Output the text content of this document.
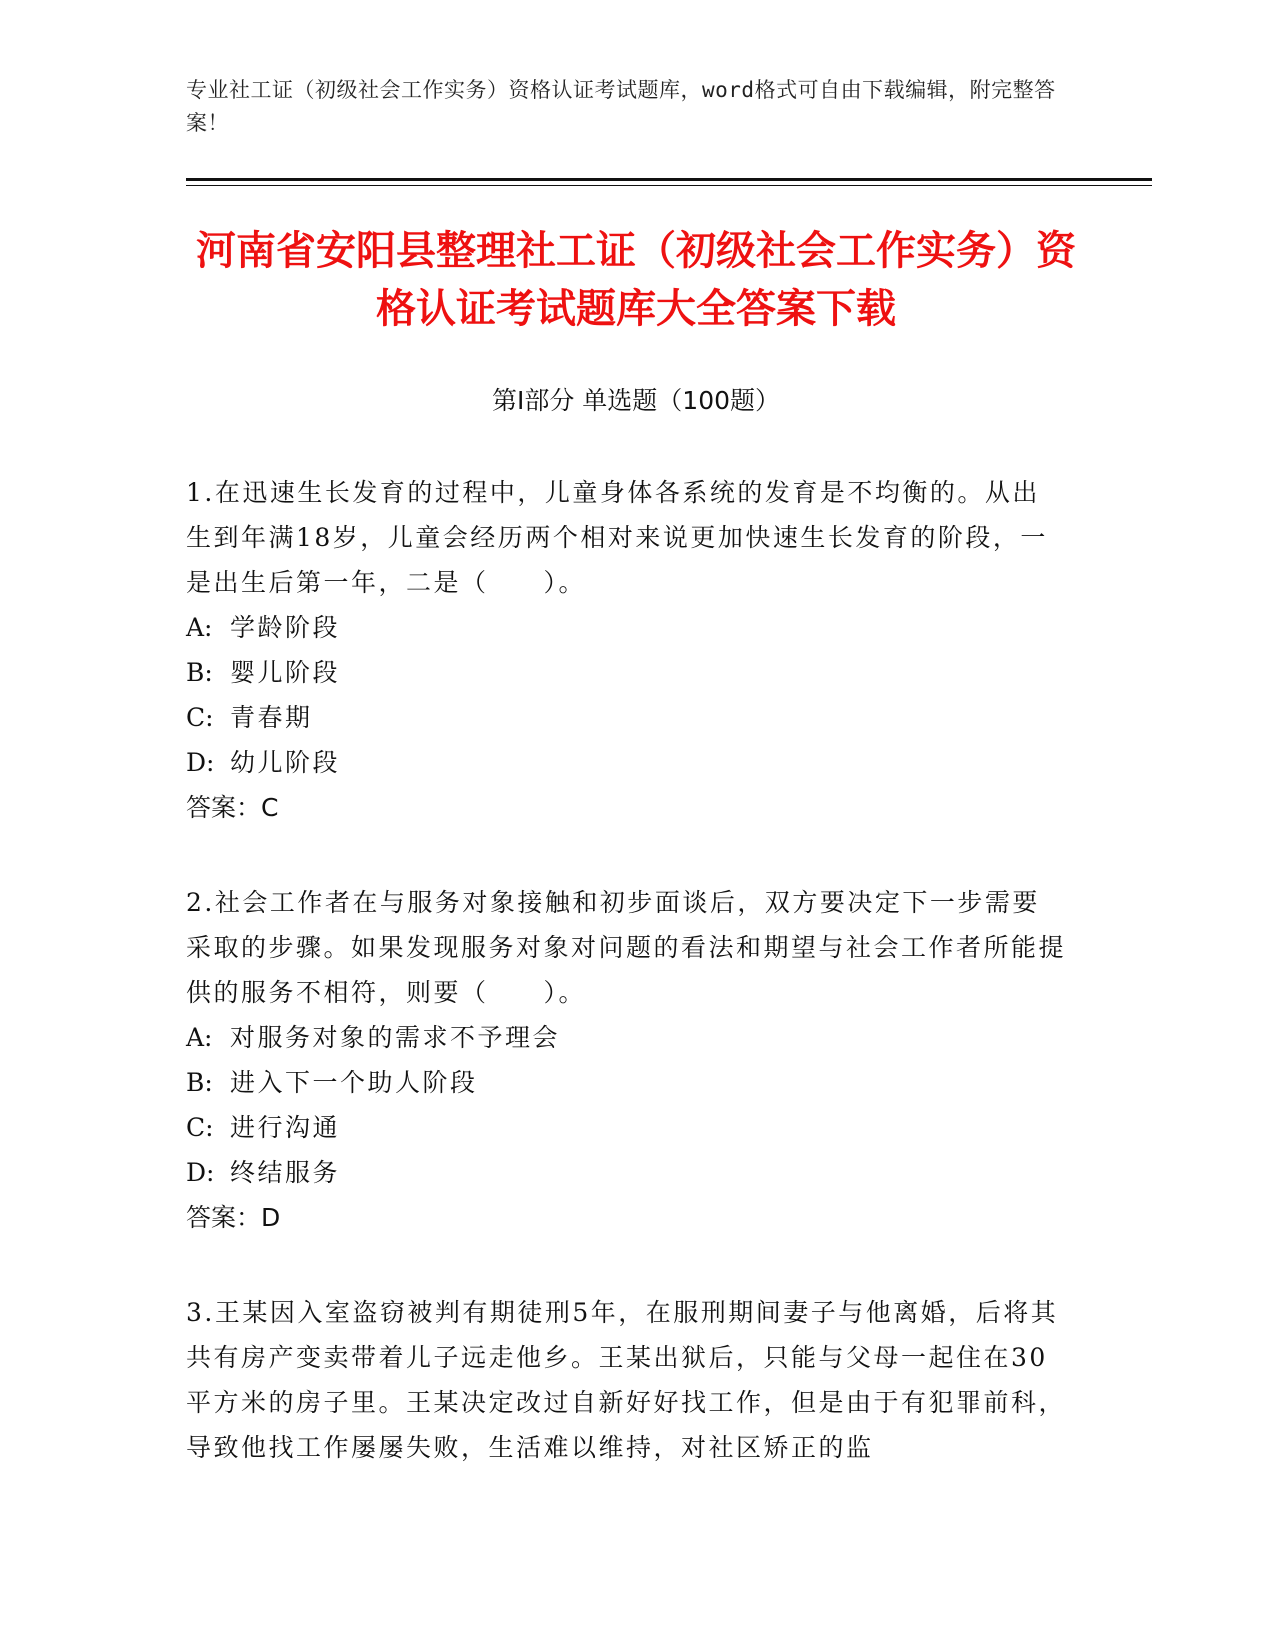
专业社工证（初级社会工作实务）资格认证考试题库，word格式可自由下载编辑，附完整答案！
河南省安阳县整理社工证（初级社会工作实务）资格认证考试题库大全答案下载
第Ⅰ部分 单选题（100题）

1.在迅速生长发育的过程中，儿童身体各系统的发育是不均衡的。从出生到年满18岁，儿童会经历两个相对来说更加快速生长发育的阶段，一是出生后第一年，二是（　　）。

A: 学龄阶段

B: 婴儿阶段

C: 青春期

D: 幼儿阶段

答案：C

2.社会工作者在与服务对象接触和初步面谈后，双方要决定下一步需要采取的步骤。如果发现服务对象对问题的看法和期望与社会工作者所能提供的服务不相符，则要（　　）。

A: 对服务对象的需求不予理会

B: 进入下一个助人阶段

C: 进行沟通

D: 终结服务

答案：D

3.王某因入室盗窃被判有期徒刑5年，在服刑期间妻子与他离婚，后将其共有房产变卖带着儿子远走他乡。王某出狱后，只能与父母一起住在30平方米的房子里。王某决定改过自新好好找工作，但是由于有犯罪前科，导致他找工作屡屡失败，生活难以维持，对社区矫正的监
